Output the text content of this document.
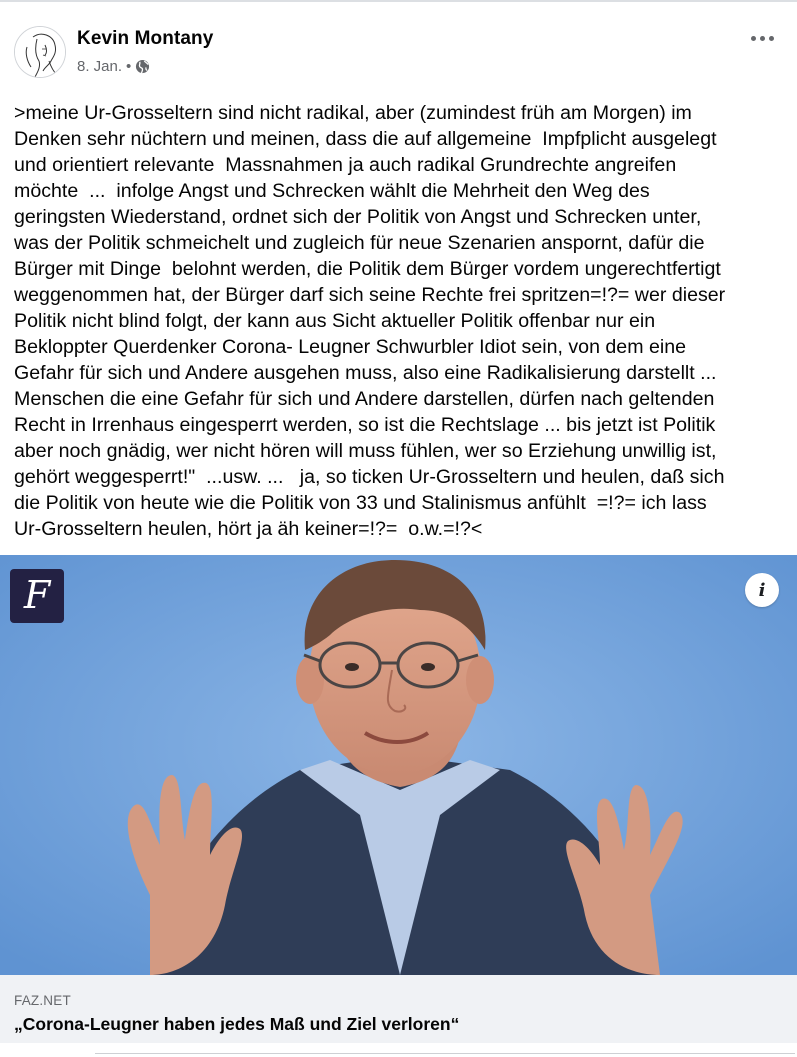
Kevin Montany
8. Jan. •
>meine Ur-Grosseltern sind nicht radikal, aber (zumindest früh am Morgen) im
Denken sehr nüchtern und meinen, dass die auf allgemeine  Impfplicht ausgelegt
und orientiert relevante  Massnahmen ja auch radikal Grundrechte angreifen
möchte  ...  infolge Angst und Schrecken wählt die Mehrheit den Weg des
geringsten Wiederstand, ordnet sich der Politik von Angst und Schrecken unter,
was der Politik schmeichelt und zugleich für neue Szenarien anspornt, dafür die
Bürger mit Dinge  belohnt werden, die Politik dem Bürger vordem ungerechtfertigt
weggenommen hat, der Bürger darf sich seine Rechte frei spritzen=!?= wer dieser
Politik nicht blind folgt, der kann aus Sicht aktueller Politik offenbar nur ein
Bekloppter Querdenker Corona- Leugner Schwurbler Idiot sein, von dem eine
Gefahr für sich und Andere ausgehen muss, also eine Radikalisierung darstellt ...
Menschen die eine Gefahr für sich und Andere darstellen, dürfen nach geltenden
Recht in Irrenhaus eingesperrt werden, so ist die Rechtslage ... bis jetzt ist Politik
aber noch gnädig, wer nicht hören will muss fühlen, wer so Erziehung unwillig ist,
gehört weggesperrt!"  ...usw. ...   ja, so ticken Ur-Grosseltern und heulen, daß sich
die Politik von heute wie die Politik von 33 und Stalinismus anfühlt  =!?= ich lass
Ur-Grosseltern heulen, hört ja äh keiner=!?=  o.w.=!?<
F	i
FAZ.NET
„Corona-Leugner haben jedes Maß und Ziel verloren“
